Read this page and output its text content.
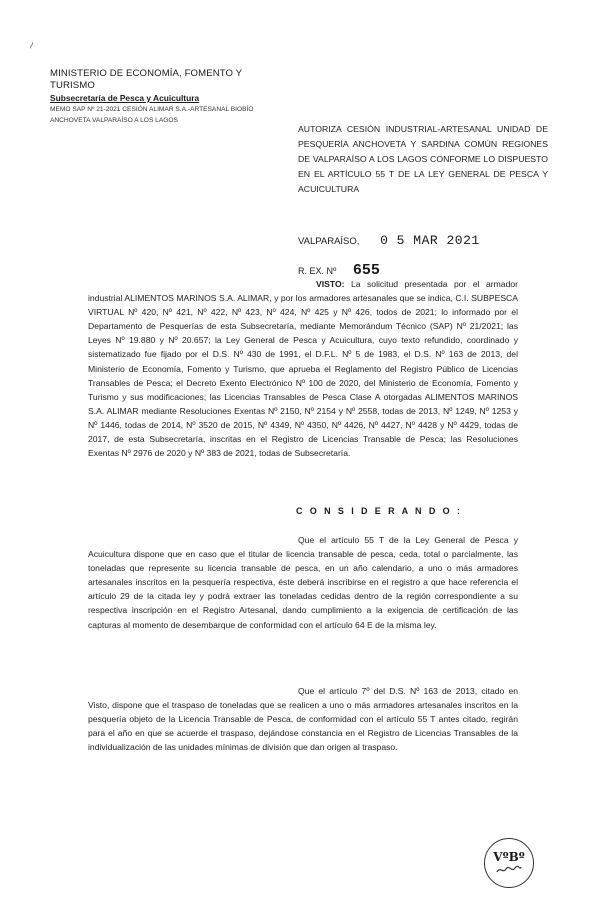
~
MINISTERIO DE ECONOMÍA, FOMENTO Y TURISMO
Subsecretaría de Pesca y Acuicultura
MEMO SAP Nº 21-2021 CESIÓN ALIMAR S.A.-ARTESANAL BIOBÍO
ANCHOVETA VALPARAÍSO A LOS LAGOS
AUTORIZA CESIÓN INDUSTRIAL-ARTESANAL UNIDAD DE PESQUERÍA ANCHOVETA Y SARDINA COMÚN REGIONES DE VALPARAÍSO A LOS LAGOS CONFORME LO DISPUESTO EN EL ARTÍCULO 55 T DE LA LEY GENERAL DE PESCA Y ACUICULTURA
VALPARAÍSO, 0 5 MAR 2021
R. EX. Nº 655

VISTO: La solicitud presentada por el armador industrial ALIMENTOS MARINOS S.A. ALIMAR, y por los armadores artesanales que se indica, C.I. SUBPESCA VIRTUAL Nº 420, Nº 421, Nº 422, Nº 423, Nº 424, Nº 425 y Nº 426, todos de 2021; lo informado por el Departamento de Pesquerías de esta Subsecretaría, mediante Memorándum Técnico (SAP) Nº 21/2021; las Leyes Nº 19.880 y Nº 20.657; la Ley General de Pesca y Acuicultura, cuyo texto refundido, coordinado y sistematizado fue fijado por el D.S. Nº 430 de 1991, el D.F.L. Nº 5 de 1983, el D.S. Nº 163 de 2013, del Ministerio de Economía, Fomento y Turismo, que aprueba el Reglamento del Registro Público de Licencias Transables de Pesca; el Decreto Exento Electrónico Nº 100 de 2020, del Ministerio de Economía, Fomento y Turismo y sus modificaciones; las Licencias Transables de Pesca Clase A otorgadas ALIMENTOS MARINOS S.A. ALIMAR mediante Resoluciones Exentas Nº 2150, Nº 2154 y Nº 2558, todas de 2013, Nº 1249, Nº 1253 y Nº 1446, todas de 2014, Nº 3520 de 2015, Nº 4349, Nº 4350, Nº 4426, Nº 4427, Nº 4428 y Nº 4429, todas de 2017, de esta Subsecretaría, inscritas en el Registro de Licencias Transable de Pesca; las Resoluciones Exentas Nº 2976 de 2020 y Nº 383 de 2021, todas de Subsecretaría.

C O N S I D E R A N D O :

Que el artículo 55 T de la Ley General de Pesca y Acuicultura dispone que en caso que el titular de licencia transable de pesca, ceda, total o parcialmente, las toneladas que represente su licencia transable de pesca, en un año calendario, a uno o más armadores artesanales inscritos en la pesquería respectiva, éste deberá inscribirse en el registro a que hace referencia el artículo 29 de la citada ley y podrá extraer las toneladas cedidas dentro de la región correspondiente a su respectiva inscripción en el Registro Artesanal, dando cumplimiento a la exigencia de certificación de las capturas al momento de desembarque de conformidad con el artículo 64 E de la misma ley.

Que el artículo 7º del D.S. Nº 163 de 2013, citado en Visto, dispone que el traspaso de toneladas que se realicen a uno o más armadores artesanales inscritos en la pesquería objeto de la Licencia Transable de Pesca, de conformidad con el artículo 55 T antes citado, regirán para el año en que se acuerde el traspaso, dejándose constancia en el Registro de Licencias Transables de la individualización de las unidades mínimas de división que dan origen al traspaso.

VºBº
